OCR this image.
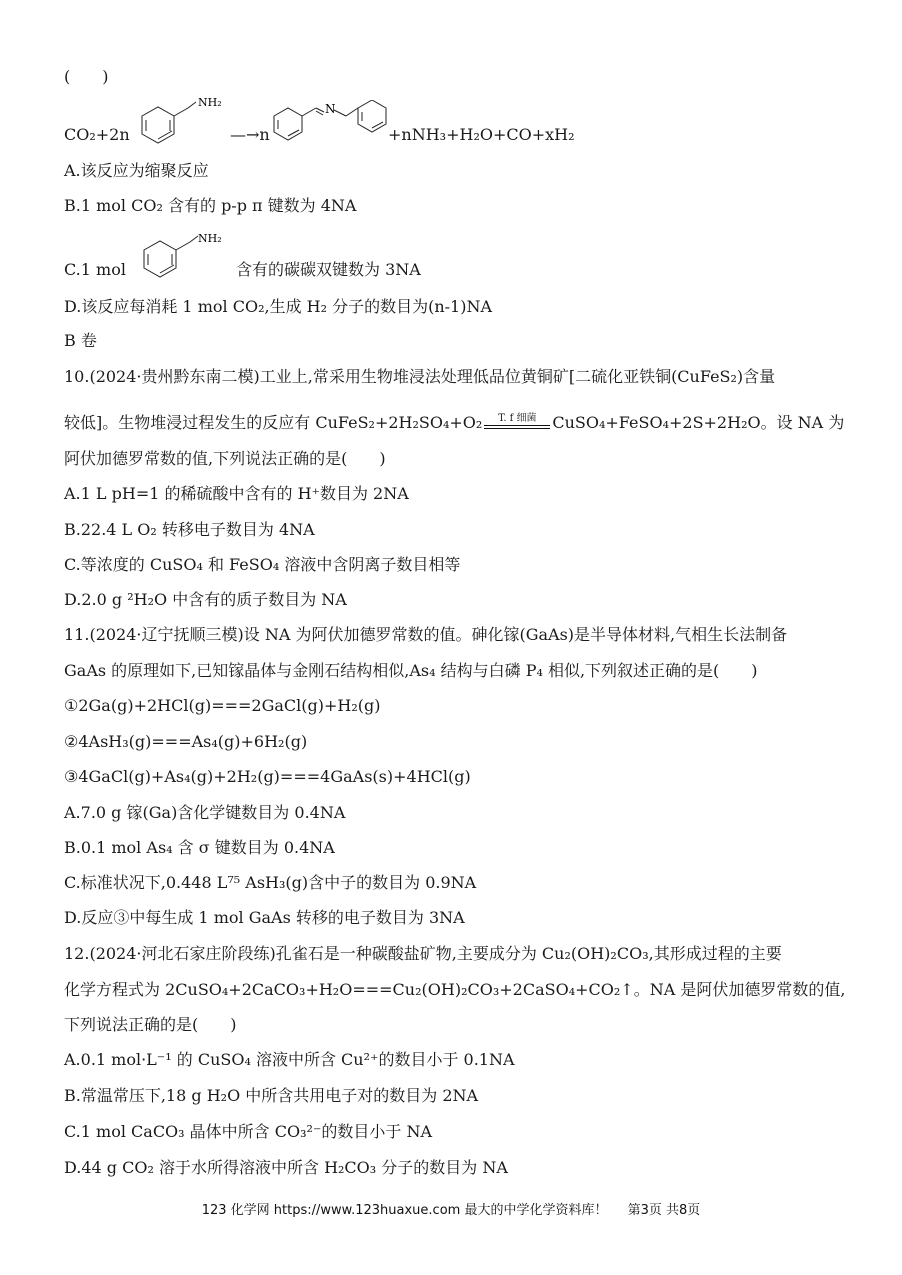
(　　)
CO₂+2n
NH₂
—→n
N
+nNH₃+H₂O+CO+xH₂
A.该反应为缩聚反应
B.1 mol CO₂ 含有的 p-p π 键数为 4NA
C.1 mol
NH₂
含有的碳碳双键数为 3NA
D.该反应每消耗 1 mol CO₂,生成 H₂ 分子的数目为(n-1)NA
B 卷
10.(2024·贵州黔东南二模)工业上,常采用生物堆浸法处理低品位黄铜矿[二硫化亚铁铜(CuFeS₂)含量
较低]。生物堆浸过程发生的反应有 CuFeS₂+2H₂SO₄+O₂	T. f 细菌 CuSO₄+FeSO₄+2S+2H₂O。设 NA 为
阿伏加德罗常数的值,下列说法正确的是(　　)
A.1 L pH=1 的稀硫酸中含有的 H⁺数目为 2NA
B.22.4 L O₂ 转移电子数目为 4NA
C.等浓度的 CuSO₄ 和 FeSO₄ 溶液中含阴离子数目相等
D.2.0 g ²H₂O 中含有的质子数目为 NA
11.(2024·辽宁抚顺三模)设 NA 为阿伏加德罗常数的值。砷化镓(GaAs)是半导体材料,气相生长法制备
GaAs 的原理如下,已知镓晶体与金刚石结构相似,As₄ 结构与白磷 P₄ 相似,下列叙述正确的是(　　)
①2Ga(g)+2HCl(g)===2GaCl(g)+H₂(g)
②4AsH₃(g)===As₄(g)+6H₂(g)
③4GaCl(g)+As₄(g)+2H₂(g)===4GaAs(s)+4HCl(g)
A.7.0 g 镓(Ga)含化学键数目为 0.4NA
B.0.1 mol As₄ 含 σ 键数目为 0.4NA
C.标准状况下,0.448 L⁷⁵ AsH₃(g)含中子的数目为 0.9NA
D.反应③中每生成 1 mol GaAs 转移的电子数目为 3NA
12.(2024·河北石家庄阶段练)孔雀石是一种碳酸盐矿物,主要成分为 Cu₂(OH)₂CO₃,其形成过程的主要
化学方程式为 2CuSO₄+2CaCO₃+H₂O===Cu₂(OH)₂CO₃+2CaSO₄+CO₂↑。NA 是阿伏加德罗常数的值,
下列说法正确的是(　　)
A.0.1 mol·L⁻¹ 的 CuSO₄ 溶液中所含 Cu²⁺的数目小于 0.1NA
B.常温常压下,18 g H₂O 中所含共用电子对的数目为 2NA
C.1 mol CaCO₃ 晶体中所含 CO₃²⁻的数目小于 NA
D.44 g CO₂ 溶于水所得溶液中所含 H₂CO₃ 分子的数目为 NA
123 化学网 https://www.123huaxue.com 最大的中学化学资料库！ 第3页 共8页
